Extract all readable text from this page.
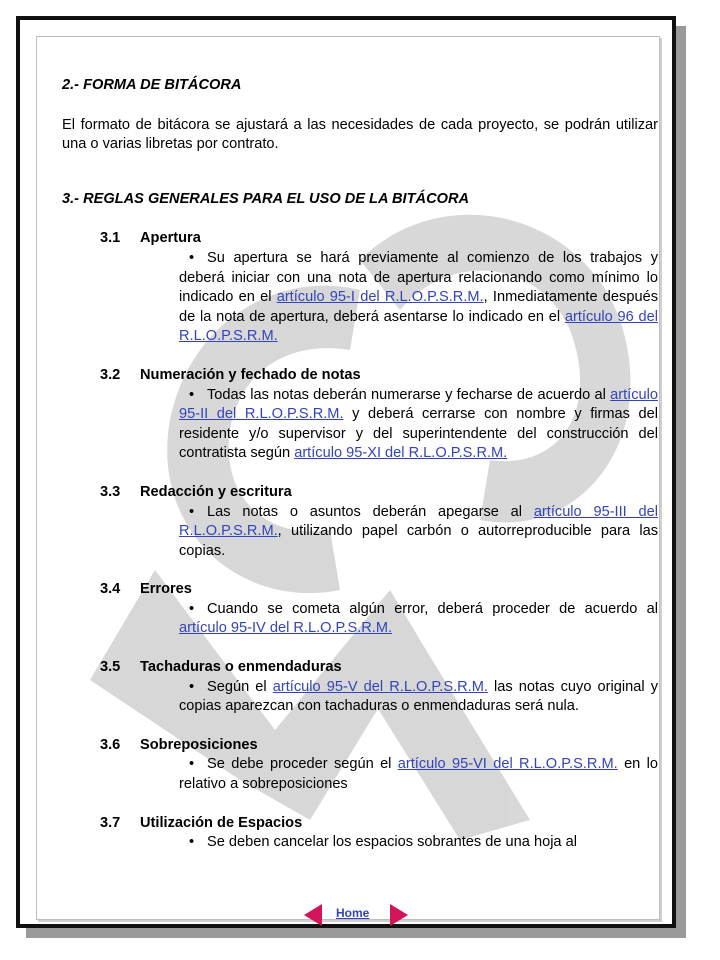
2.- FORMA DE BITÁCORA

El formato de bitácora se ajustará a las necesidades de cada proyecto, se podrán utilizar una o varias libretas por contrato.

3.- REGLAS GENERALES PARA EL USO DE LA BITÁCORA

3.1 Apertura

• Su apertura se hará previamente al comienzo de los trabajos y deberá iniciar con una nota de apertura relacionando como mínimo lo indicado en el artículo 95-I del R.L.O.P.S.R.M., Inmediatamente después de la nota de apertura, deberá asentarse lo indicado en el artículo 96 del R.L.O.P.S.R.M.

3.2 Numeración y fechado de notas

• Todas las notas deberán numerarse y fecharse de acuerdo al artículo 95-II del R.L.O.P.S.R.M. y deberá cerrarse con nombre y firmas del residente y/o supervisor y del superintendente del construcción del contratista según artículo 95-XI del R.L.O.P.S.R.M.

3.3 Redacción y escritura

• Las notas o asuntos deberán apegarse al artículo 95-III del R.L.O.P.S.R.M., utilizando papel carbón o autorreproducible para las copias.

3.4 Errores

• Cuando se cometa algún error, deberá proceder de acuerdo al artículo 95-IV del R.L.O.P.S.R.M.

3.5 Tachaduras o enmendaduras

• Según el artículo 95-V del R.L.O.P.S.R.M. las notas cuyo original y copias aparezcan con tachaduras o enmendaduras será nula.

3.6 Sobreposiciones

• Se debe proceder según el artículo 95-VI del R.L.O.P.S.R.M. en lo relativo a sobreposiciones

3.7 Utilización de Espacios

• Se deben cancelar los espacios sobrantes de una hoja al

Home
